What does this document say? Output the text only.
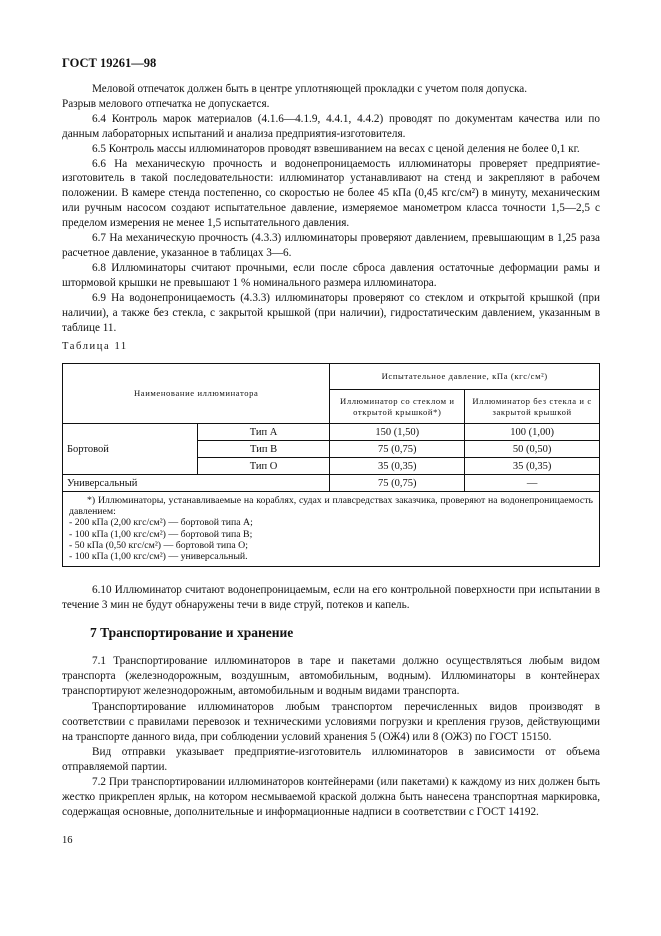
ГОСТ 19261—98

Меловой отпечаток должен быть в центре уплотняющей прокладки с учетом поля допуска.

Разрыв мелового отпечатка не допускается.

6.4 Контроль марок материалов (4.1.6—4.1.9, 4.4.1, 4.4.2) проводят по документам качества или по данным лабораторных испытаний и анализа предприятия-изготовителя.

6.5 Контроль массы иллюминаторов проводят взвешиванием на весах с ценой деления не более 0,1 кг.

6.6 На механическую прочность и водонепроницаемость иллюминаторы проверяет предприятие-изготовитель в такой последовательности: иллюминатор устанавливают на стенд и закрепляют в рабочем положении. В камере стенда постепенно, со скоростью не более 45 кПа (0,45 кгс/см²) в минуту, механическим или ручным насосом создают испытательное давление, измеряемое манометром класса точности 1,5—2,5 с пределом измерения не менее 1,5 испытательного давления.

6.7 На механическую прочность (4.3.3) иллюминаторы проверяют давлением, превышающим в 1,25 раза расчетное давление, указанное в таблицах 3—6.

6.8 Иллюминаторы считают прочными, если после сброса давления остаточные деформации рамы и штормовой крышки не превышают 1 % номинального размера иллюминатора.

6.9 На водонепроницаемость (4.3.3) иллюминаторы проверяют со стеклом и открытой крышкой (при наличии), а также без стекла, с закрытой крышкой (при наличии), гидростатическим давлением, указанным в таблице 11.

Таблица 11
Наименование иллюминатора		Испытательное давление, кПа (кгс/см²)	
		Иллюминатор со стеклом и открытой крышкой*)	Иллюминатор без стекла и с закрытой крышкой
Бортовой	Тип A	150 (1,50)	100 (1,00)
	Тип B	75 (0,75)	50 (0,50)
	Тип O	35 (0,35)	35 (0,35)
Универсальный		75 (0,75)	—

*) Иллюминаторы, устанавливаемые на кораблях, судах и плавсредствах заказчика, проверяют на водонепроницаемость давлением:
- 200 кПа (2,00 кгс/см²) — бортовой типа A;
- 100 кПа (1,00 кгс/см²) — бортовой типа B;
- 50 кПа (0,50 кгс/см²) — бортовой типа O;
- 100 кПа (1,00 кгс/см²) — универсальный.			

6.10 Иллюминатор считают водонепроницаемым, если на его контрольной поверхности при испытании в течение 3 мин не будут обнаружены течи в виде струй, потеков и капель.

7 Транспортирование и хранение

7.1 Транспортирование иллюминаторов в таре и пакетами должно осуществляться любым видом транспорта (железнодорожным, воздушным, автомобильным, водным). Иллюминаторы в контейнерах транспортируют железнодорожным, автомобильным и водным видами транспорта.

Транспортирование иллюминаторов любым транспортом перечисленных видов производят в соответствии с правилами перевозок и техническими условиями погрузки и крепления грузов, действующими на транспорте данного вида, при соблюдении условий хранения 5 (ОЖ4) или 8 (ОЖ3) по ГОСТ 15150.

Вид отправки указывает предприятие-изготовитель иллюминаторов в зависимости от объема отправляемой партии.

7.2 При транспортировании иллюминаторов контейнерами (или пакетами) к каждому из них должен быть жестко прикреплен ярлык, на котором несмываемой краской должна быть нанесена транспортная маркировка, содержащая основные, дополнительные и информационные надписи в соответствии с ГОСТ 14192.

16
